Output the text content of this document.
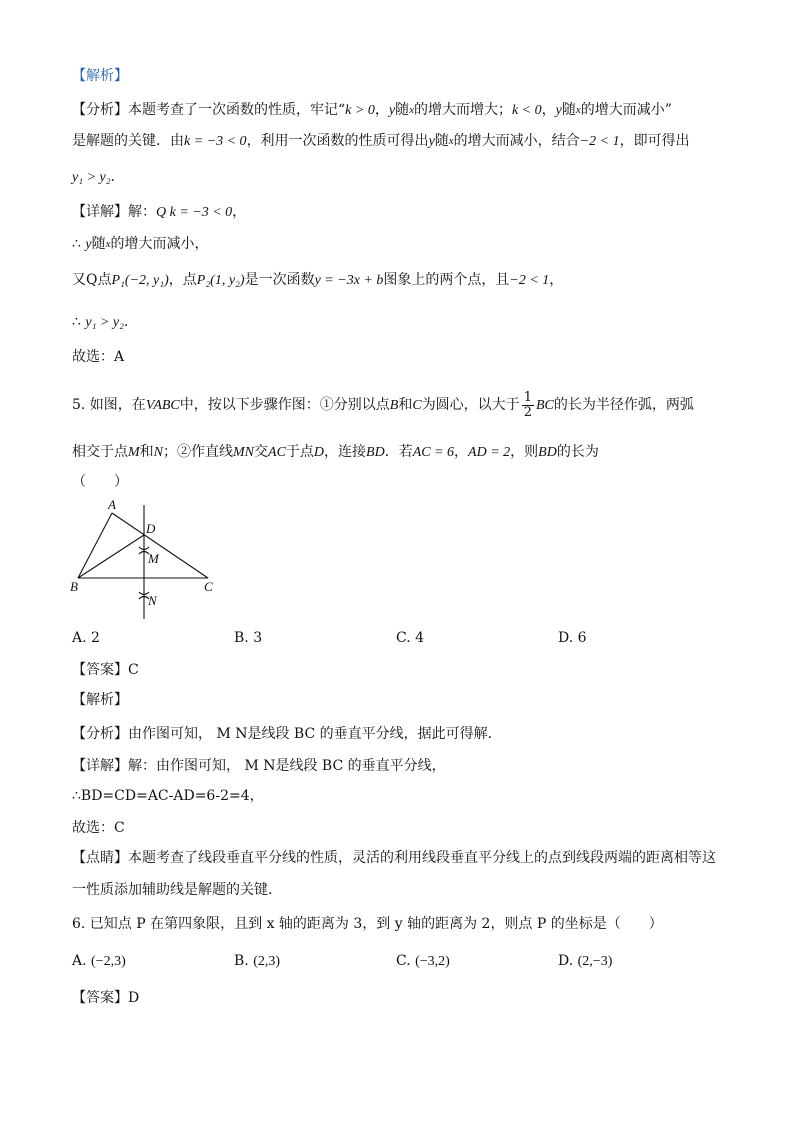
【解析】
【分析】本题考查了一次函数的性质，牢记“k > 0，y随$^x$的增大而增大；k < 0，y随$^x$的增大而减小”
是解题的关键．由k = −3 < 0，利用一次函数的性质可得出y随$^x$的增大而减小，结合−2 < 1，即可得出
y₁ > y₂．
【详解】解：Q k = −3 < 0，
∴ y随$^x$的增大而减小，
又Q点P₁(−2, y₁)，点P₂(1, y₂)是一次函数y = −3x + b图象上的两个点，且−2 < 1，
∴ y₁ > y₂．
故选：A
5. 如图，在VABC中，按以下步骤作图：①分别以点B和C为圆心，以大于 $\frac{1}{2}$ BC的长为半径作弧，两弧
相交于点M和N；②作直线MN交AC于点D，连接BD．若AC = 6，AD = 2，则BD的长为
（　　）
A
D
M
B	C
N
A. 2	B. 3	C. 4	D. 6
【答案】C
【解析】
【分析】由作图可知， M N是线段 BC 的垂直平分线，据此可得解．
【详解】解：由作图可知， M N是线段 BC 的垂直平分线，
∴BD=CD=AC-AD=6-2=4，
故选：C
【点睛】本题考查了线段垂直平分线的性质，灵活的利用线段垂直平分线上的点到线段两端的距离相等这
一性质添加辅助线是解题的关键．
6. 已知点 P 在第四象限，且到 x 轴的距离为 3，到 y 轴的距离为 2，则点 P 的坐标是（　　）
A. (−2,3)	B. (2,3)	C. (−3,2)	D. (2,−3)
【答案】D
